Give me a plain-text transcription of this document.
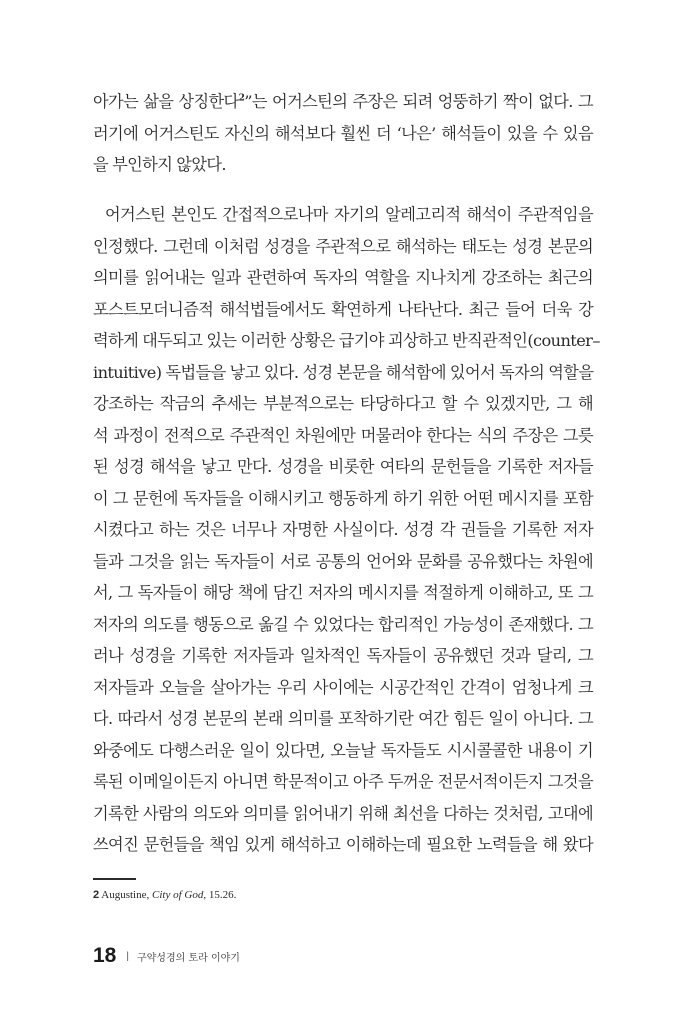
아가는 삶을 상징한다$^2$”는 어거스틴의 주장은 되려 엉뚱하기 짝이 없다. 그
러기에 어거스틴도 자신의 해석보다 훨씬 더 ‘나은’ 해석들이 있을 수 있음
을 부인하지 않았다.
어거스틴 본인도 간접적으로나마 자기의 알레고리적 해석이 주관적임을
인정했다. 그런데 이처럼 성경을 주관적으로 해석하는 태도는 성경 본문의
의미를 읽어내는 일과 관련하여 독자의 역할을 지나치게 강조하는 최근의
포스트모더니즘적 해석법들에서도 확연하게 나타난다. 최근 들어 더욱 강
력하게 대두되고 있는 이러한 상황은 급기야 괴상하고 반직관적인(counter–
intuitive) 독법들을 낳고 있다. 성경 본문을 해석함에 있어서 독자의 역할을
강조하는 작금의 추세는 부분적으로는 타당하다고 할 수 있겠지만, 그 해
석 과정이 전적으로 주관적인 차원에만 머물러야 한다는 식의 주장은 그릇
된 성경 해석을 낳고 만다. 성경을 비롯한 여타의 문헌들을 기록한 저자들
이 그 문헌에 독자들을 이해시키고 행동하게 하기 위한 어떤 메시지를 포함
시켰다고 하는 것은 너무나 자명한 사실이다. 성경 각 권들을 기록한 저자
들과 그것을 읽는 독자들이 서로 공통의 언어와 문화를 공유했다는 차원에
서, 그 독자들이 해당 책에 담긴 저자의 메시지를 적절하게 이해하고, 또 그
저자의 의도를 행동으로 옮길 수 있었다는 합리적인 가능성이 존재했다. 그
러나 성경을 기록한 저자들과 일차적인 독자들이 공유했던 것과 달리, 그
저자들과 오늘을 살아가는 우리 사이에는 시공간적인 간격이 엄청나게 크
다. 따라서 성경 본문의 본래 의미를 포착하기란 여간 힘든 일이 아니다. 그
와중에도 다행스러운 일이 있다면, 오늘날 독자들도 시시콜콜한 내용이 기
록된 이메일이든지 아니면 학문적이고 아주 두꺼운 전문서적이든지 그것을
기록한 사람의 의도와 의미를 읽어내기 위해 최선을 다하는 것처럼, 고대에
쓰여진 문헌들을 책임 있게 해석하고 이해하는데 필요한 노력들을 해 왔다
2 Augustine, City of God, 15.26.
18 | 구약성경의 토라 이야기
